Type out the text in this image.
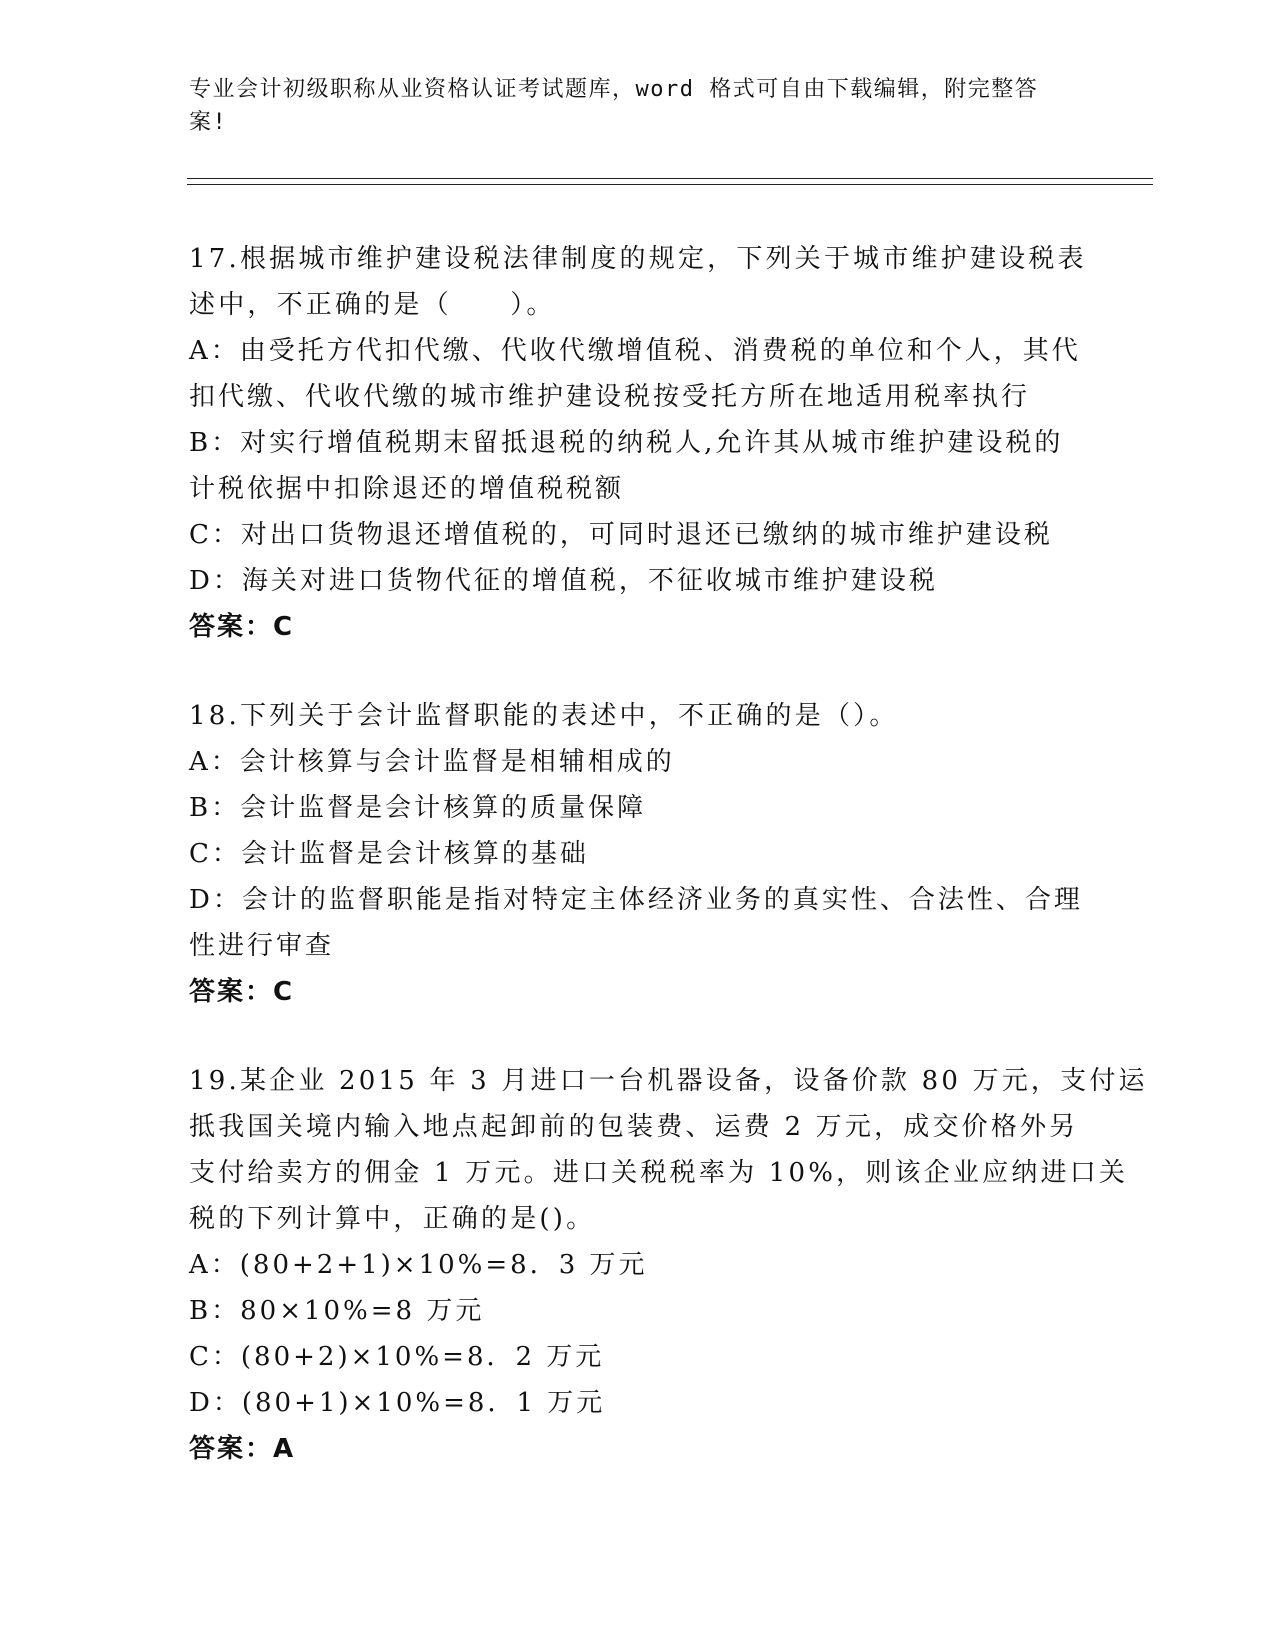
专业会计初级职称从业资格认证考试题库，word 格式可自由下载编辑，附完整答
案!
17.根据城市维护建设税法律制度的规定，下列关于城市维护建设税表
述中，不正确的是（　　）。
A：由受托方代扣代缴、代收代缴增值税、消费税的单位和个人，其代
扣代缴、代收代缴的城市维护建设税按受托方所在地适用税率执行
B：对实行增值税期末留抵退税的纳税人,允许其从城市维护建设税的
计税依据中扣除退还的增值税税额
C：对出口货物退还增值税的，可同时退还已缴纳的城市维护建设税
D：海关对进口货物代征的增值税，不征收城市维护建设税
答案：C
18.下列关于会计监督职能的表述中，不正确的是（）。
A：会计核算与会计监督是相辅相成的
B：会计监督是会计核算的质量保障
C：会计监督是会计核算的基础
D：会计的监督职能是指对特定主体经济业务的真实性、合法性、合理
性进行审查
答案：C
19.某企业 2015 年 3 月进口一台机器设备，设备价款 80 万元，支付运
抵我国关境内输入地点起卸前的包装费、运费 2 万元，成交价格外另
支付给卖方的佣金 1 万元。进口关税税率为 10%，则该企业应纳进口关
税的下列计算中，正确的是()。
A：(80+2+1)×10%=8．3 万元
B：80×10%=8 万元
C：(80+2)×10%=8．2 万元
D：(80+1)×10%=8．1 万元
答案：A
